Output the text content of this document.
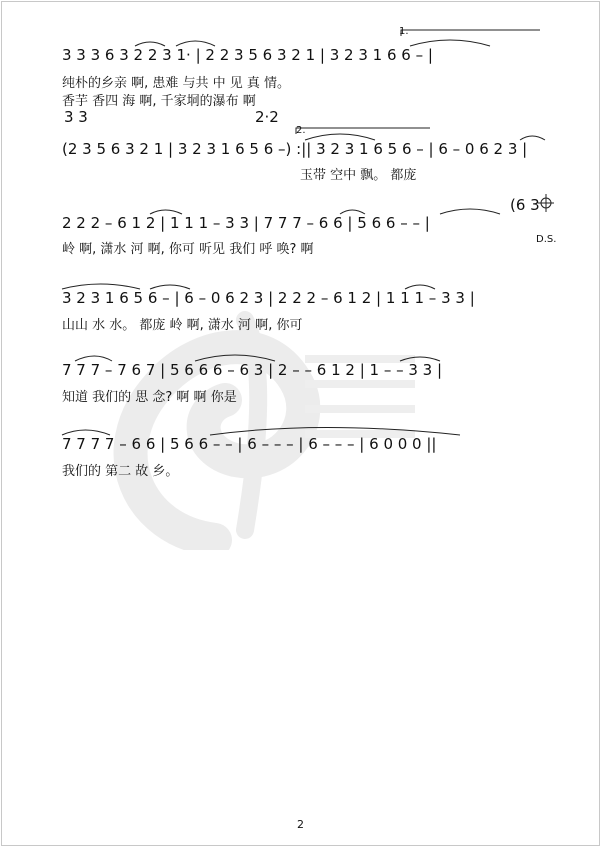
3 3 3 6 3 2 2 3 1· | 2 2 3 5 6 3 2 1 | 3 2 3 1 6 6 – |
纯朴的乡亲 啊, 患难 与共 中 见 真 情。
香芋 香四 海 啊, 千家垌的瀑布 啊
3 3	2·2
(2 3 5 6 3 2 1 | 3 2 3 1 6 5 6 –) :|| 3 2 3 1 6 5 6 – | 6 – 0 6 2 3 |
玉带 空中 飘。 都庞
2.
2 2 2 – 6 1 2 | 1 1 1 – 3 3 | 7 7 7 – 6 6 | 5 6 6 – – |
(6 3
岭 啊, 潇水 河 啊, 你可 听见 我们 呼 唤? 啊
D.S.
3 2 3 1 6 5 6 – | 6 – 0 6 2 3 | 2 2 2 – 6 1 2 | 1 1 1 – 3 3 |
山山 水 水。 都庞 岭 啊, 潇水 河 啊, 你可
7 7 7 – 7 6 7 | 5 6 6 6 – 6 3 | 2 – – 6 1 2 | 1 – – 3 3 |
知道 我们的 思 念? 啊 啊 你是
7 7 7 7 – 6 6 | 5 6 6 – – | 6 – – – | 6 – – – | 6 0 0 0 ||
我们的 第二 故 乡。
1.
2
